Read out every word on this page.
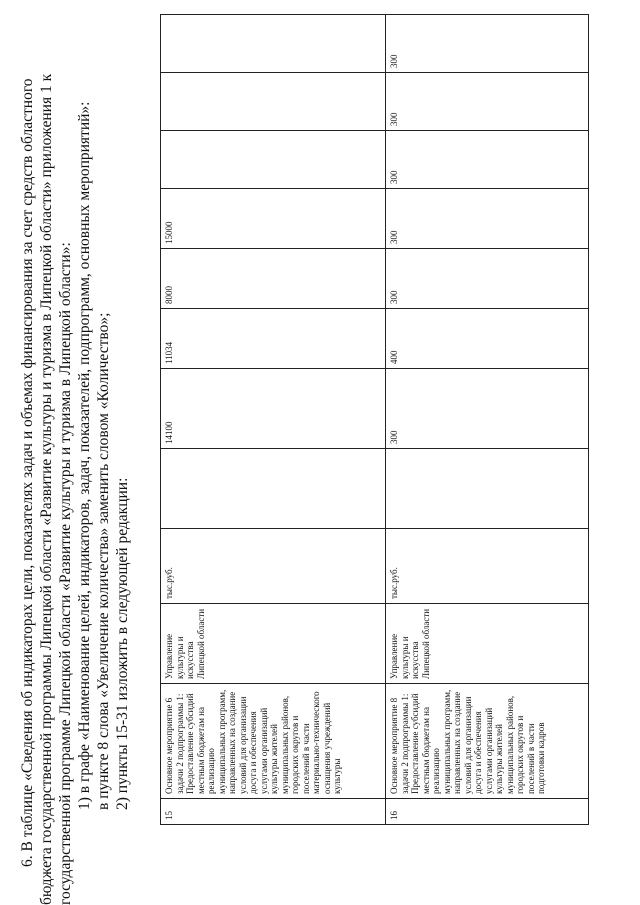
6. В таблице «Сведения об индикаторах цели, показателях задач и объемах финансирования за счет средств областного бюджета государственной программы Липецкой области «Развитие культуры и туризма в Липецкой области» приложения 1 к государственной программе Липецкой области «Развитие культуры и туризма в Липецкой области»: 1) в графе «Наименование целей, индикаторов, задач, показателей, подпрограмм, основных мероприятий»: в пункте 8 слова «Увеличение количества» заменить словом «Количество»; 2) пункты 15-31 изложить в следующей редакции:

15	Основное мероприятие 6 задачи 2 подпрограммы 1: Предоставление субсидий местным бюджетам на реализацию муниципальных программ, направленных на создание условий для организации досуга и обеспечения услугами организаций культуры жителей муниципальных районов, городских округов и поселений в части материально-технического оснащения учреждений культуры	Управление культуры и искусства Липецкой области	тыс.руб.		14100	11034	8000	15000			
16	Основное мероприятие 8 задачи 2 подпрограммы 1: Предоставление субсидий местным бюджетам на реализацию муниципальных программ, направленных на создание условий для организации досуга и обеспечения услугами организаций культуры жителей муниципальных районов, городских округов и поселений в части подготовки кадров	Управление культуры и искусства Липецкой области	тыс.руб.		300	400	300	300	300	300	300
